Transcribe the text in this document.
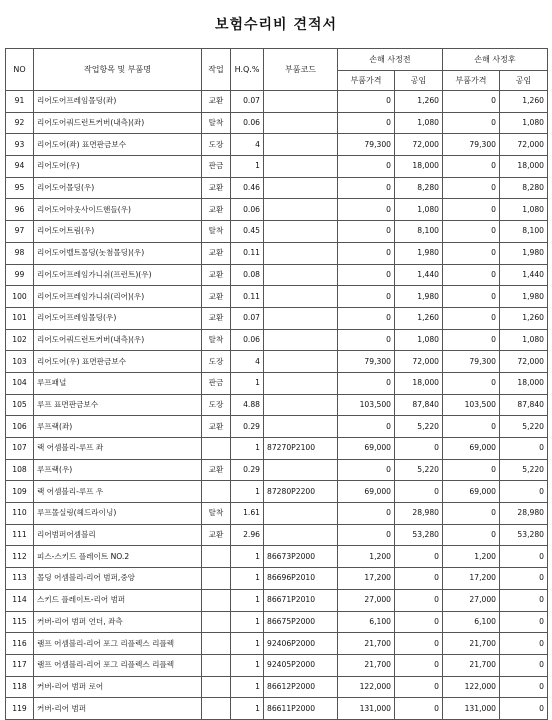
보험수리비 견적서
NO	작업항목 및 부품명	작업	H.Q.%	부품코드	손해 사정전		손해 사정후	
					부품가격	공임	부품가격	공임
91	리어도어프레임몰딩(좌)	교환	0.07		0	1,260	0	1,260
92	리어도어쿼드런트커버(내측)(좌)	탈착	0.06		0	1,080	0	1,080
93	리어도어(좌) 표면판금보수	도장	4		79,300	72,000	79,300	72,000
94	리어도어(우)	판금	1		0	18,000	0	18,000
95	리어도어몰딩(우)	교환	0.46		0	8,280	0	8,280
96	리어도어아웃사이드핸들(우)	교환	0.06		0	1,080	0	1,080
97	리어도어트림(우)	탈착	0.45		0	8,100	0	8,100
98	리어도어벨트몰딩(놋첨몰딩)(우)	교환	0.11		0	1,980	0	1,980
99	리어도어프레임가니쉬(프런트)(우)	교환	0.08		0	1,440	0	1,440
100	리어도어프레임가니쉬(리어)(우)	교환	0.11		0	1,980	0	1,980
101	리어도어프레임몰딩(우)	교환	0.07		0	1,260	0	1,260
102	리어도어쿼드런트커버(내측)(우)	탈착	0.06		0	1,080	0	1,080
103	리어도어(우) 표면판금보수	도장	4		79,300	72,000	79,300	72,000
104	루프패널	판금	1		0	18,000	0	18,000
105	루프 표면판금보수	도장	4.88		103,500	87,840	103,500	87,840
106	루프랙(좌)	교환	0.29		0	5,220	0	5,220
107	랙 어셈블리-루프 좌		1	87270P2100	69,000	0	69,000	0
108	루프랙(우)	교환	0.29		0	5,220	0	5,220
109	랙 어셈블리-루프 우		1	87280P2200	69,000	0	69,000	0
110	루프몰실링(헤드라이닝)	탈착	1.61		0	28,980	0	28,980
111	리어범퍼어셈블리	교환	2.96		0	53,280	0	53,280
112	피스-스키드 플레이트 NO.2		1	86673P2000	1,200	0	1,200	0
113	몰딩 어셈블리-리어 범퍼,중앙		1	86696P2010	17,200	0	17,200	0
114	스키드 플레이트-리어 범퍼		1	86671P2010	27,000	0	27,000	0
115	커버-리어 범퍼 언더, 좌측		1	86675P2000	6,100	0	6,100	0
116	램프 어셈블리-리어 포그 리플렉스 리플렉		1	92406P2000	21,700	0	21,700	0
117	램프 어셈블리-리어 포그 리플렉스 리플렉		1	92405P2000	21,700	0	21,700	0
118	커버-리어 범퍼 로어		1	86612P2000	122,000	0	122,000	0
119	커버-리어 범퍼		1	86611P2000	131,000	0	131,000	0
